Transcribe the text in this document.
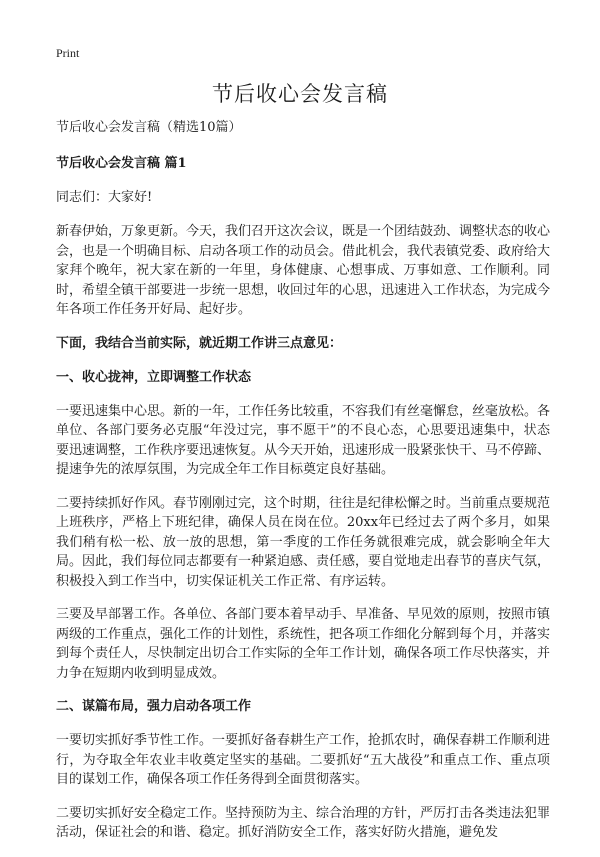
Print
节后收心会发言稿

节后收心会发言稿（精选10篇）

节后收心会发言稿 篇1

同志们：大家好!

新春伊始，万象更新。今天，我们召开这次会议，既是一个团结鼓劲、调整状态的收心会，也是一个明确目标、启动各项工作的动员会。借此机会，我代表镇党委、政府给大家拜个晚年，祝大家在新的一年里，身体健康、心想事成、万事如意、工作顺利。同时，希望全镇干部要进一步统一思想，收回过年的心思，迅速进入工作状态，为完成今年各项工作任务开好局、起好步。

下面，我结合当前实际，就近期工作讲三点意见：

一、收心拢神，立即调整工作状态

一要迅速集中心思。新的一年，工作任务比较重，不容我们有丝毫懈怠，丝毫放松。各单位、各部门要务必克服“年没过完，事不愿干”的不良心态，心思要迅速集中，状态要迅速调整，工作秩序要迅速恢复。从今天开始，迅速形成一股紧张快干、马不停蹄、提速争先的浓厚氛围，为完成全年工作目标奠定良好基础。

二要持续抓好作风。春节刚刚过完，这个时期，往往是纪律松懈之时。当前重点要规范上班秩序，严格上下班纪律，确保人员在岗在位。20xx年已经过去了两个多月，如果我们稍有松一松、放一放的思想，第一季度的工作任务就很难完成，就会影响全年大局。因此，我们每位同志都要有一种紧迫感、责任感，要自觉地走出春节的喜庆气氛，积极投入到工作当中，切实保证机关工作正常、有序运转。

三要及早部署工作。各单位、各部门要本着早动手、早准备、早见效的原则，按照市镇两级的工作重点，强化工作的计划性，系统性，把各项工作细化分解到每个月，并落实到每个责任人，尽快制定出切合工作实际的全年工作计划，确保各项工作尽快落实，并力争在短期内收到明显成效。

二、谋篇布局，强力启动各项工作

一要切实抓好季节性工作。一要抓好备春耕生产工作，抢抓农时，确保春耕工作顺利进行，为夺取全年农业丰收奠定坚实的基础。二要抓好“五大战役”和重点工作、重点项目的谋划工作，确保各项工作任务得到全面贯彻落实。

二要切实抓好安全稳定工作。坚持预防为主、综合治理的方针，严厉打击各类违法犯罪活动，保证社会的和谐、稳定。抓好消防安全工作，落实好防火措施，避免发
